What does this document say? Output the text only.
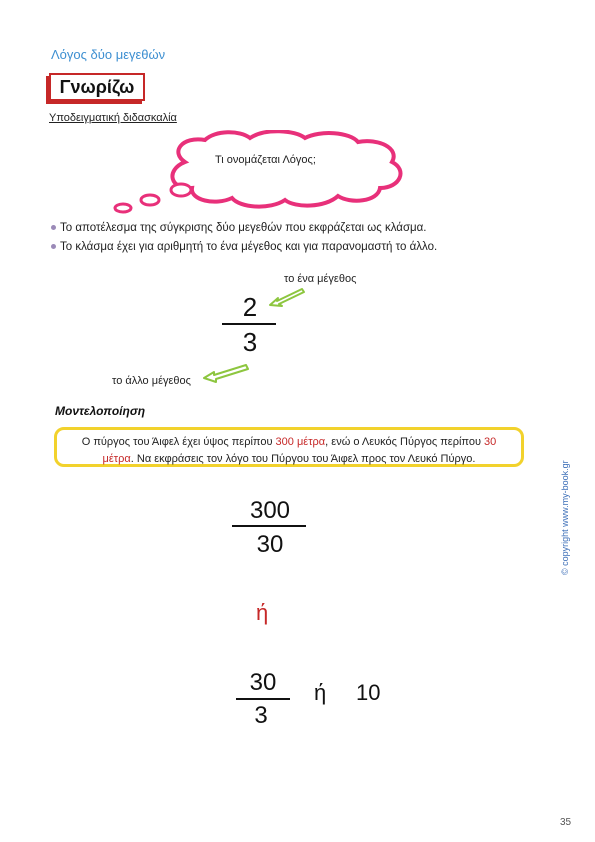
Λόγος δύο μεγεθών
Γνωρίζω
Υποδειγματική διδασκαλία
Τι ονομάζεται Λόγος;
Το αποτέλεσμα της σύγκρισης δύο μεγεθών που εκφράζεται ως κλάσμα.
Το κλάσμα έχει για αριθμητή το ένα μέγεθος και για παρανομαστή το άλλο.
2
3
το ένα μέγεθος
το άλλο μέγεθος
Μοντελοποίηση
Ο πύργος του Άιφελ έχει ύψος περίπου 300 μέτρα, ενώ ο Λευκός Πύργος περίπου 30 μέτρα. Να εκφράσεις τον λόγο του Πύργου του Άιφελ προς τον Λευκό Πύργο.
© copyright www.my-book.gr
300
30
ή
30
3
ή 10
35
